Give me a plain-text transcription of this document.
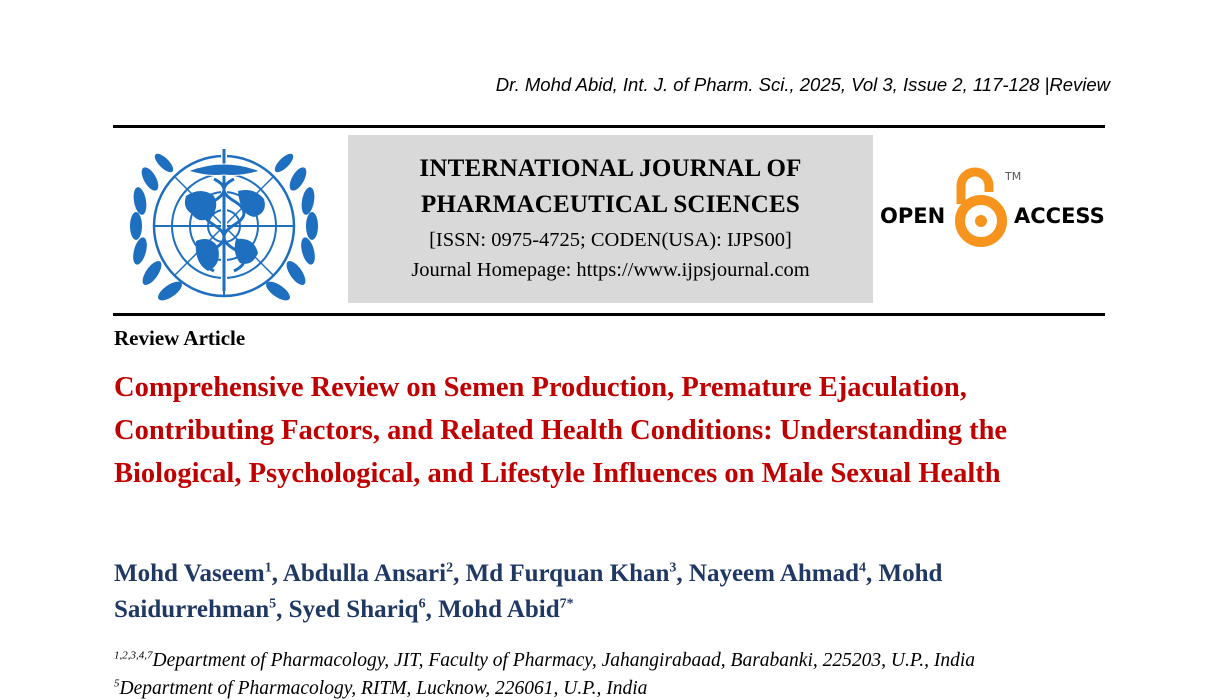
Dr. Mohd Abid, Int. J. of Pharm. Sci., 2025, Vol 3, Issue 2, 117-128 |Review
INTERNATIONAL JOURNAL OF
PHARMACEUTICAL SCIENCES
[ISSN: 0975-4725; CODEN(USA): IJPS00]
Journal Homepage: https://www.ijpsjournal.com
OPEN	ACCESS
TM
Review Article
Comprehensive Review on Semen Production, Premature Ejaculation, Contributing Factors, and Related Health Conditions: Understanding the Biological, Psychological, and Lifestyle Influences on Male Sexual Health
Mohd Vaseem$^1$, Abdulla Ansari$^2$, Md Furquan Khan$^3$, Nayeem Ahmad$^4$, Mohd Saidurrehman$^5$, Syed Shariq$^6$, Mohd Abid$^{7*}$
$^{1,2,3,4,7}$Department of Pharmacology, JIT, Faculty of Pharmacy, Jahangirabaad, Barabanki, 225203, U.P., India
$^5$Department of Pharmacology, RITM, Lucknow, 226061, U.P., India
